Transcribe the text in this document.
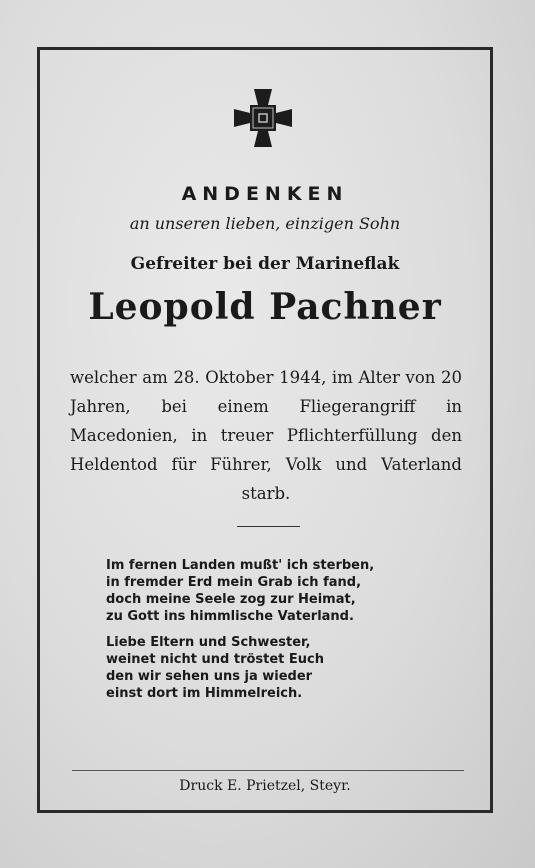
ANDENKEN
an unseren lieben, einzigen Sohn
Gefreiter bei der Marineflak
Leopold Pachner
welcher am 28. Oktober 1944, im Alter von 20 Jahren, bei einem Fliegerangriff in Macedonien, in treuer Pflichterfüllung den Heldentod für Führer, Volk und Vaterland starb.
Im fernen Landen mußt' ich sterben,
in fremder Erd mein Grab ich fand,
doch meine Seele zog zur Heimat,
zu Gott ins himmlische Vaterland.
Liebe Eltern und Schwester,
weinet nicht und tröstet Euch
den wir sehen uns ja wieder
einst dort im Himmelreich.
Druck E. Prietzel, Steyr.
